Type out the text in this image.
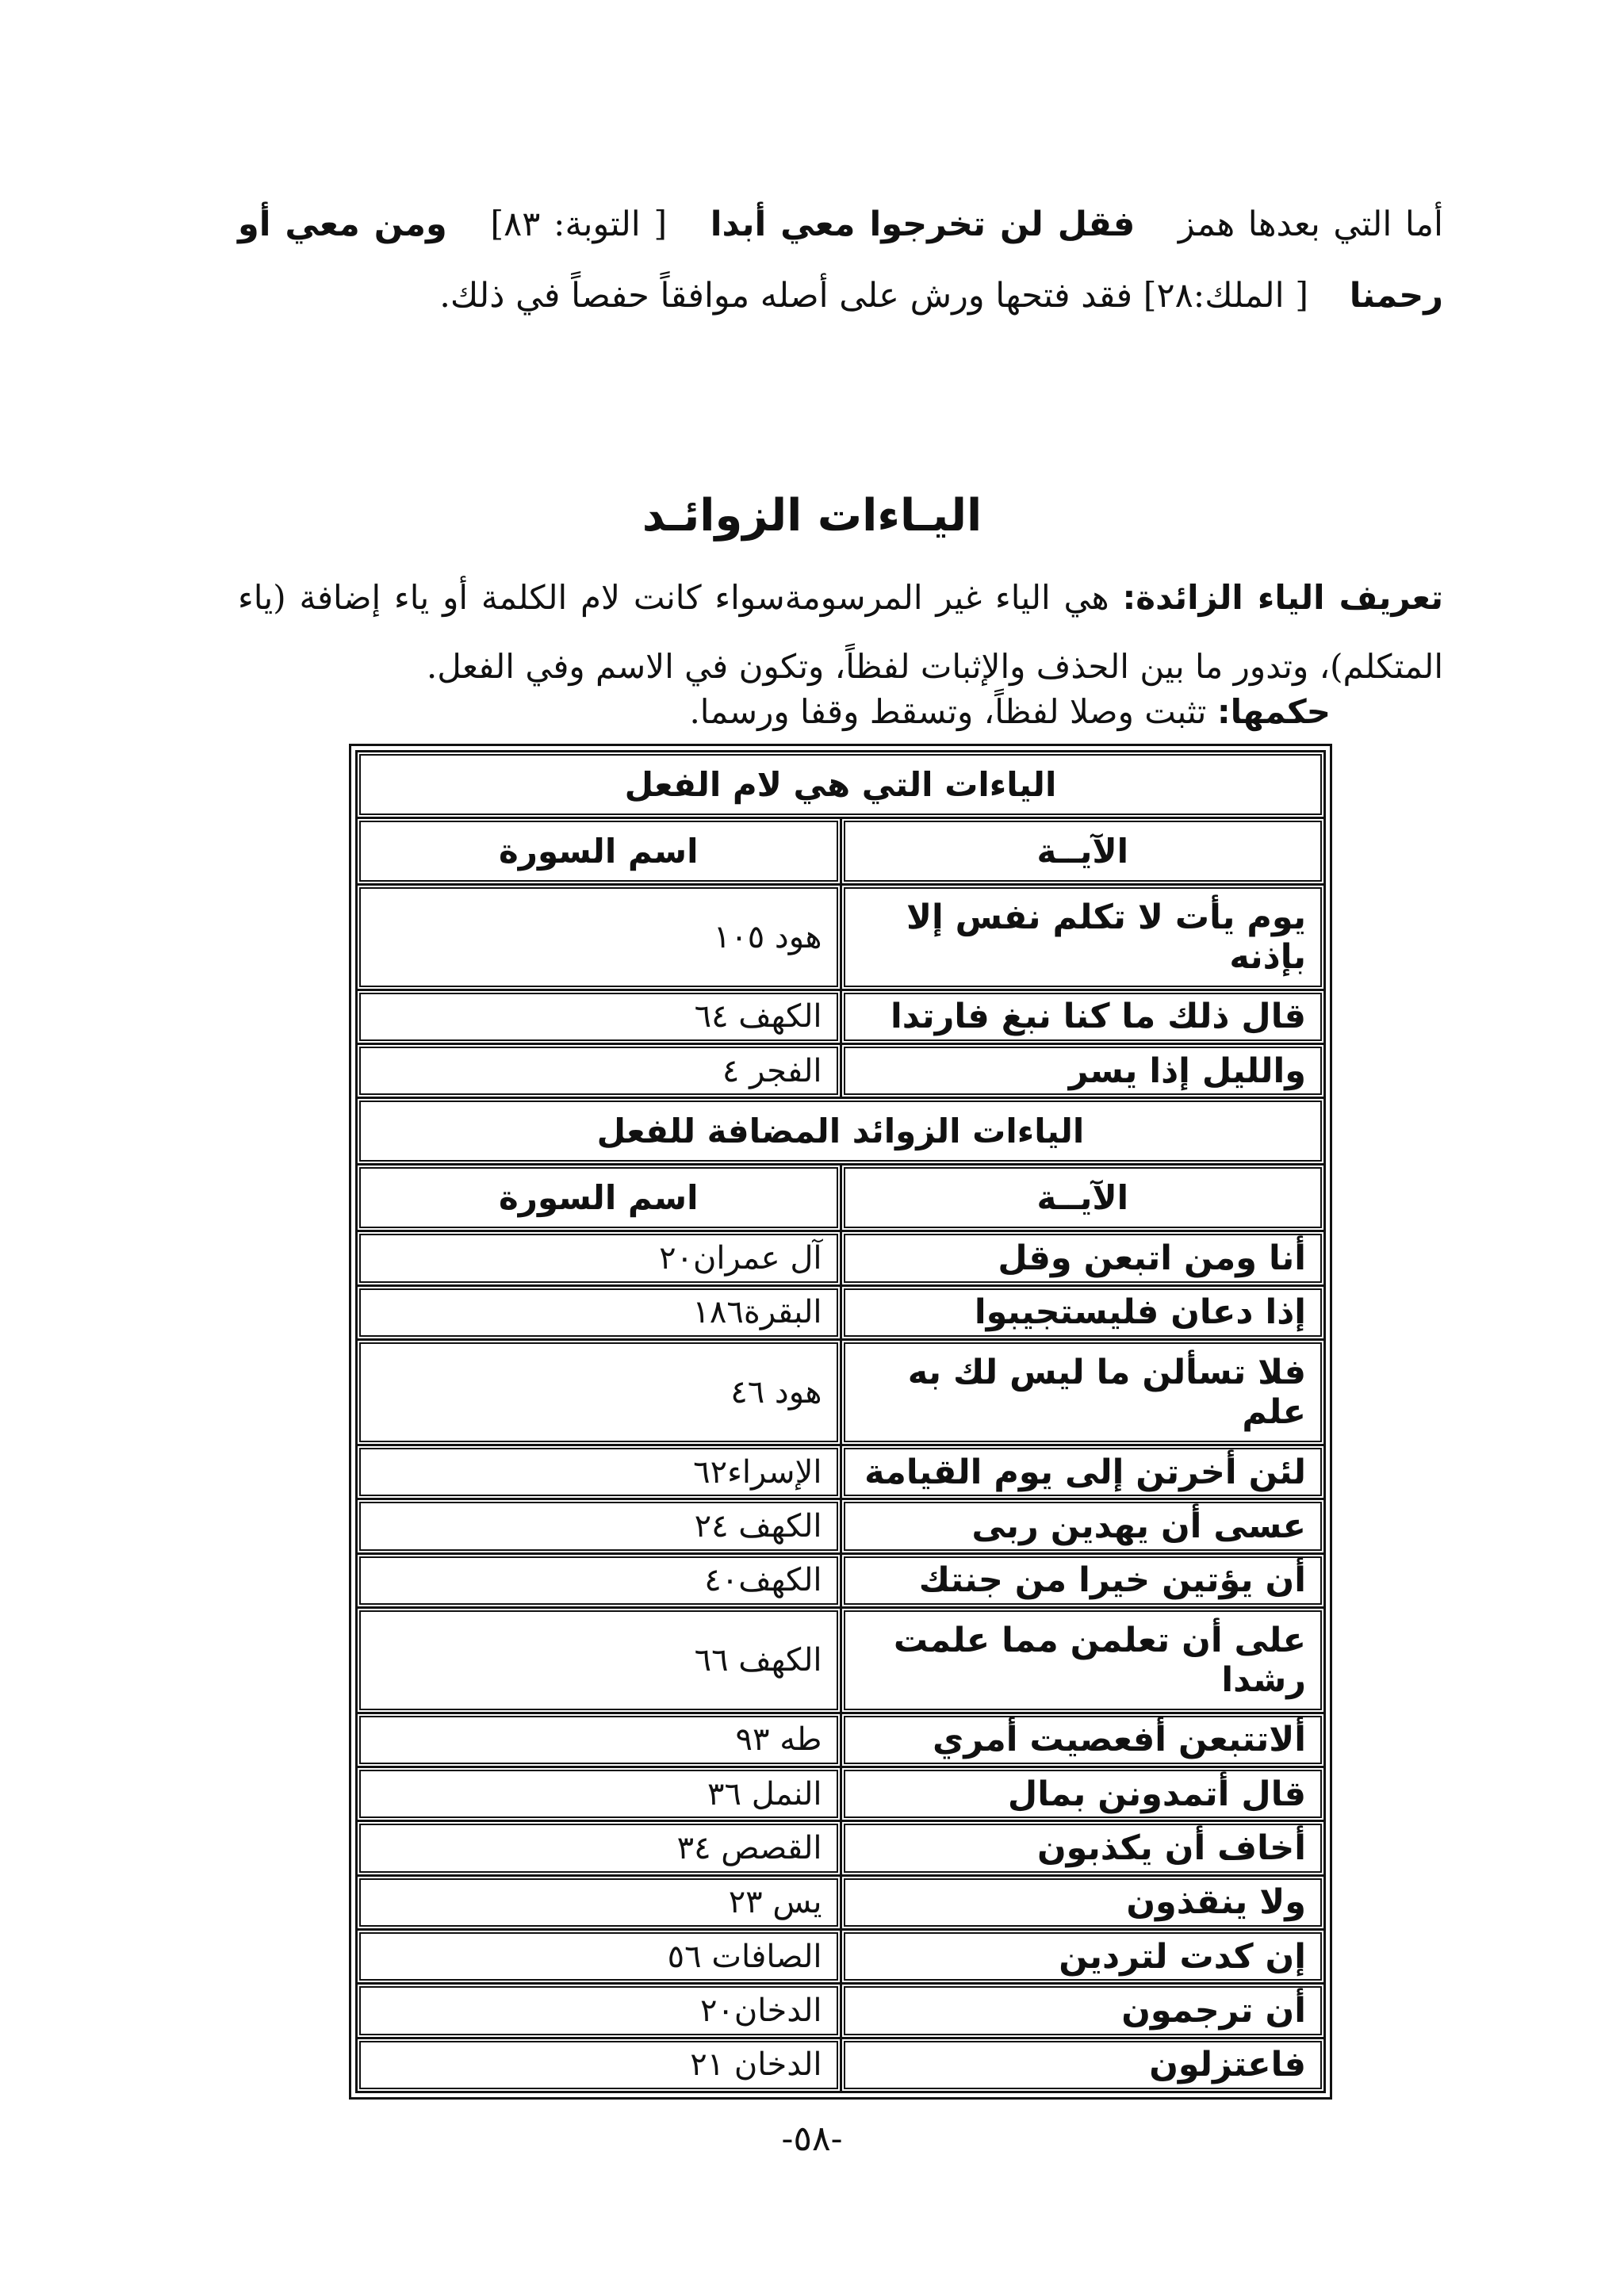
أما التي بعدها همز فقل لن تخرجوا معي أبدا [ التوبة: ٨٣] ومن معي أو رحمنا [ الملك:٢٨] فقد فتحها ورش على أصله موافقاً حفصاً في ذلك.
اليـاءات الزوائـد
تعريف الياء الزائدة: هي الياء غير المرسومةسواء كانت لام الكلمة أو ياء إضافة (ياء المتكلم)، وتدور ما بين الحذف والإثبات لفظاً، وتكون في الاسم وفي الفعل.
حكمها: تثبت وصلا لفظاً، وتسقط وقفا ورسما.
الياءات التي هي لام الفعل	
الآيــة	اسم السورة
يوم يأت لا تكلم نفس إلا بإذنه	هود ١٠٥
قال ذلك ما كنا نبغ فارتدا	الكهف ٦٤
والليل إذا يسر	الفجر ٤
الياءات الزوائد المضافة للفعل	
الآيــة	اسم السورة
أنا ومن اتبعن وقل	آل عمران٢٠
إذا دعان فليستجيبوا	البقرة١٨٦
فلا تسألن ما ليس لك به علم	هود ٤٦
لئن أخرتن إلى يوم القيامة	الإسراء٦٢
عسى أن يهدين ربى	الكهف ٢٤
أن يؤتين خيرا من جنتك	الكهف٤٠
على أن تعلمن مما علمت رشدا	الكهف ٦٦
ألاتتبعن أفعصيت أمري	طه ٩٣
قال أتمدونن بمال	النمل ٣٦
أخاف أن يكذبون	القصص ٣٤
ولا ينقذون	يس ٢٣
إن كدت لتردين	الصافات ٥٦
أن ترجمون	الدخان٢٠
فاعتزلون	الدخان ٢١
-٥٨-
